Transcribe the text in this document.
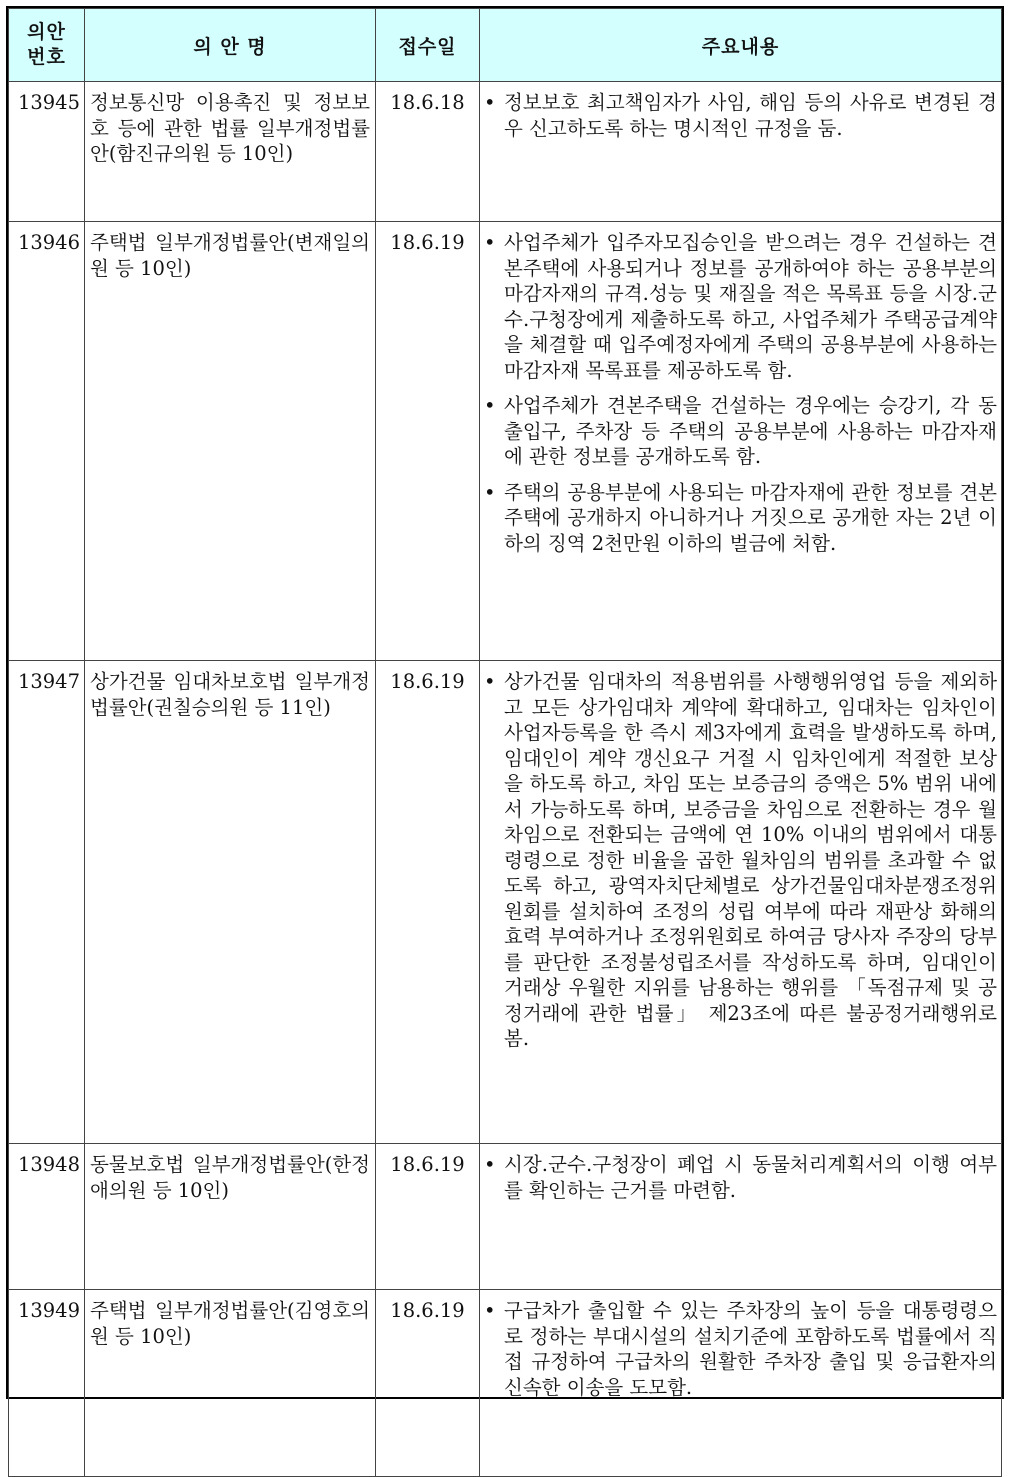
의안
번호	의 안 명	접수일	주요내용
13945	정보통신망 이용촉진 및 정보보호 등에 관한 법률 일부개정법률안(함진규의원 등 10인)	18.6.18	• 정보보호 최고책임자가 사임, 해임 등의 사유로 변경된 경우 신고하도록 하는 명시적인 규정을 둠.

13946	주택법 일부개정법률안(변재일의원 등 10인)	18.6.19	• 사업주체가 입주자모집승인을 받으려는 경우 건설하는 견본주택에 사용되거나 정보를 공개하여야 하는 공용부분의 마감자재의 규격․성능 및 재질을 적은 목록표 등을 시장․군수․구청장에게 제출하도록 하고, 사업주체가 주택공급계약을 체결할 때 입주예정자에게 주택의 공용부분에 사용하는 마감자재 목록표를 제공하도록 함.
• 사업주체가 견본주택을 건설하는 경우에는 승강기, 각 동 출입구, 주차장 등 주택의 공용부분에 사용하는 마감자재에 관한 정보를 공개하도록 함.
• 주택의 공용부분에 사용되는 마감자재에 관한 정보를 견본주택에 공개하지 아니하거나 거짓으로 공개한 자는 2년 이하의 징역 2천만원 이하의 벌금에 처함.

13947	상가건물 임대차보호법 일부개정법률안(권칠승의원 등 11인)	18.6.19	• 상가건물 임대차의 적용범위를 사행행위영업 등을 제외하고 모든 상가임대차 계약에 확대하고, 임대차는 임차인이 사업자등록을 한 즉시 제3자에게 효력을 발생하도록 하며, 임대인이 계약 갱신요구 거절 시 임차인에게 적절한 보상을 하도록 하고, 차임 또는 보증금의 증액은 5% 범위 내에서 가능하도록 하며, 보증금을 차임으로 전환하는 경우 월차임으로 전환되는 금액에 연 10% 이내의 범위에서 대통령령으로 정한 비율을 곱한 월차임의 범위를 초과할 수 없도록 하고, 광역자치단체별로 상가건물임대차분쟁조정위원회를 설치하여 조정의 성립 여부에 따라 재판상 화해의 효력 부여하거나 조정위원회로 하여금 당사자 주장의 당부를 판단한 조정불성립조서를 작성하도록 하며, 임대인이 거래상 우월한 지위를 남용하는 행위를 「독점규제 및 공정거래에 관한 법률」 제23조에 따른 불공정거래행위로 봄.

13948	동물보호법 일부개정법률안(한정애의원 등 10인)	18.6.19	• 시장․군수․구청장이 폐업 시 동물처리계획서의 이행 여부를 확인하는 근거를 마련함.

13949	주택법 일부개정법률안(김영호의원 등 10인)	18.6.19	• 구급차가 출입할 수 있는 주차장의 높이 등을 대통령령으로 정하는 부대시설의 설치기준에 포함하도록 법률에서 직접 규정하여 구급차의 원활한 주차장 출입 및 응급환자의 신속한 이송을 도모함.
